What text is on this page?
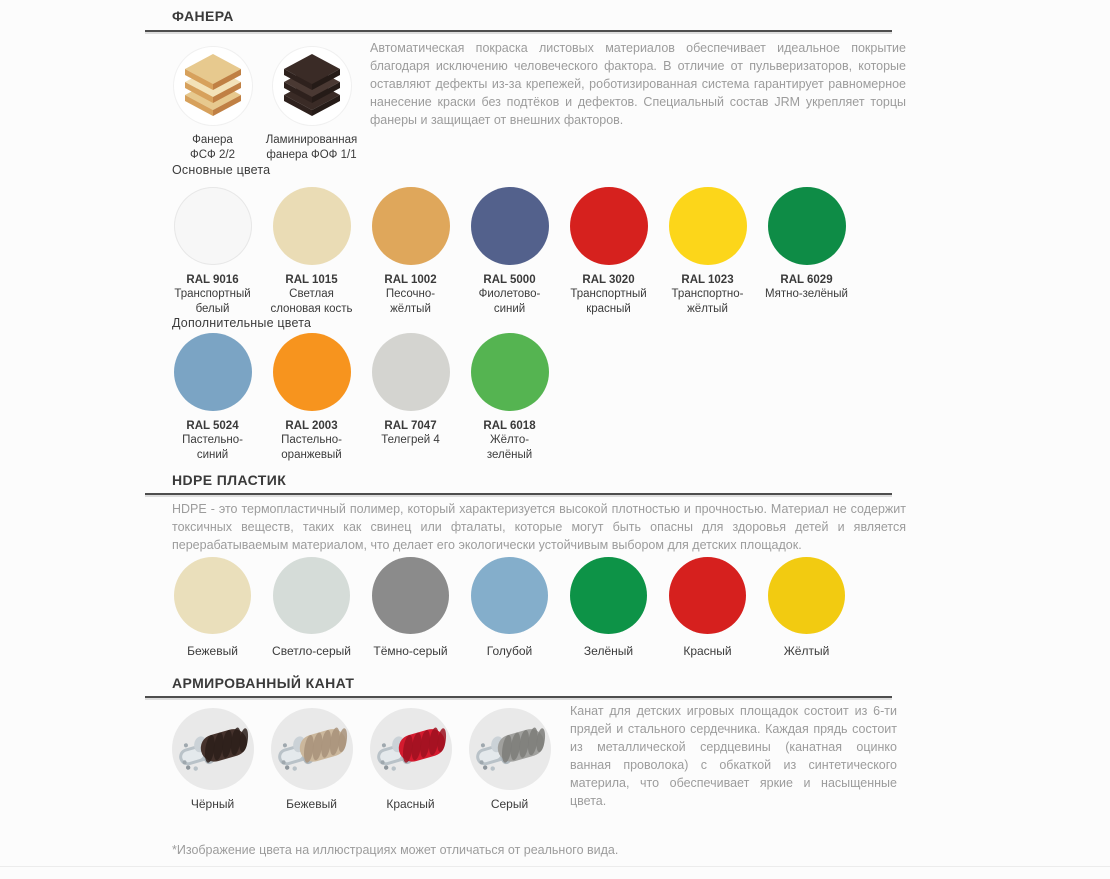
ФАНЕРА
Фанера
ФСФ 2/2
Ламинированная
фанера ФОФ 1/1
Автоматическая покраска листовых материалов обеспечивает идеальное покрытие благодаря исключению человеческого фактора. В отличие от пульверизаторов, которые оставляют дефекты из-за крепежей, роботизированная система гарантирует равномерное нанесение краски без подтёков и дефектов. Специальный состав JRM укрепляет торцы фанеры и защищает от внешних факторов.
Основные цвета
RAL 9016
Транспортный
белый
RAL 1015
Светлая
слоновая кость
RAL 1002
Песочно-
жёлтый
RAL 5000
Фиолетово-
синий
RAL 3020
Транспортный
красный
RAL 1023
Транспортно-
жёлтый
RAL 6029
Мятно-зелёный
Дополнительные цвета
RAL 5024
Пастельно-
синий
RAL 2003
Пастельно-
оранжевый
RAL 7047
Телегрей 4
RAL 6018
Жёлто-
зелёный
HDPE ПЛАСТИК
HDPE - это термопластичный полимер, который характеризуется высокой плотностью и прочностью. Материал не содержит токсичных веществ, таких как свинец или фталаты, которые могут быть опасны для здоровья детей и является перерабатываемым материалом, что делает его экологически устойчивым выбором для детских площадок.
Бежевый	Светло-серый	Тёмно-серый	Голубой	Зелёный	Красный	Жёлтый
АРМИРОВАННЫЙ КАНАТ
Чёрный	Бежевый	Красный	Серый
Канат для детских игровых площадок состоит из 6-ти прядей и стального сердечника. Каждая прядь состоит из металлической сердцевины (канатная оцинко ванная проволока) с обкаткой из синтетического материла, что обеспечивает яркие и насыщенные цвета.
*Изображение цвета на иллюстрациях может отличаться от реального вида.
